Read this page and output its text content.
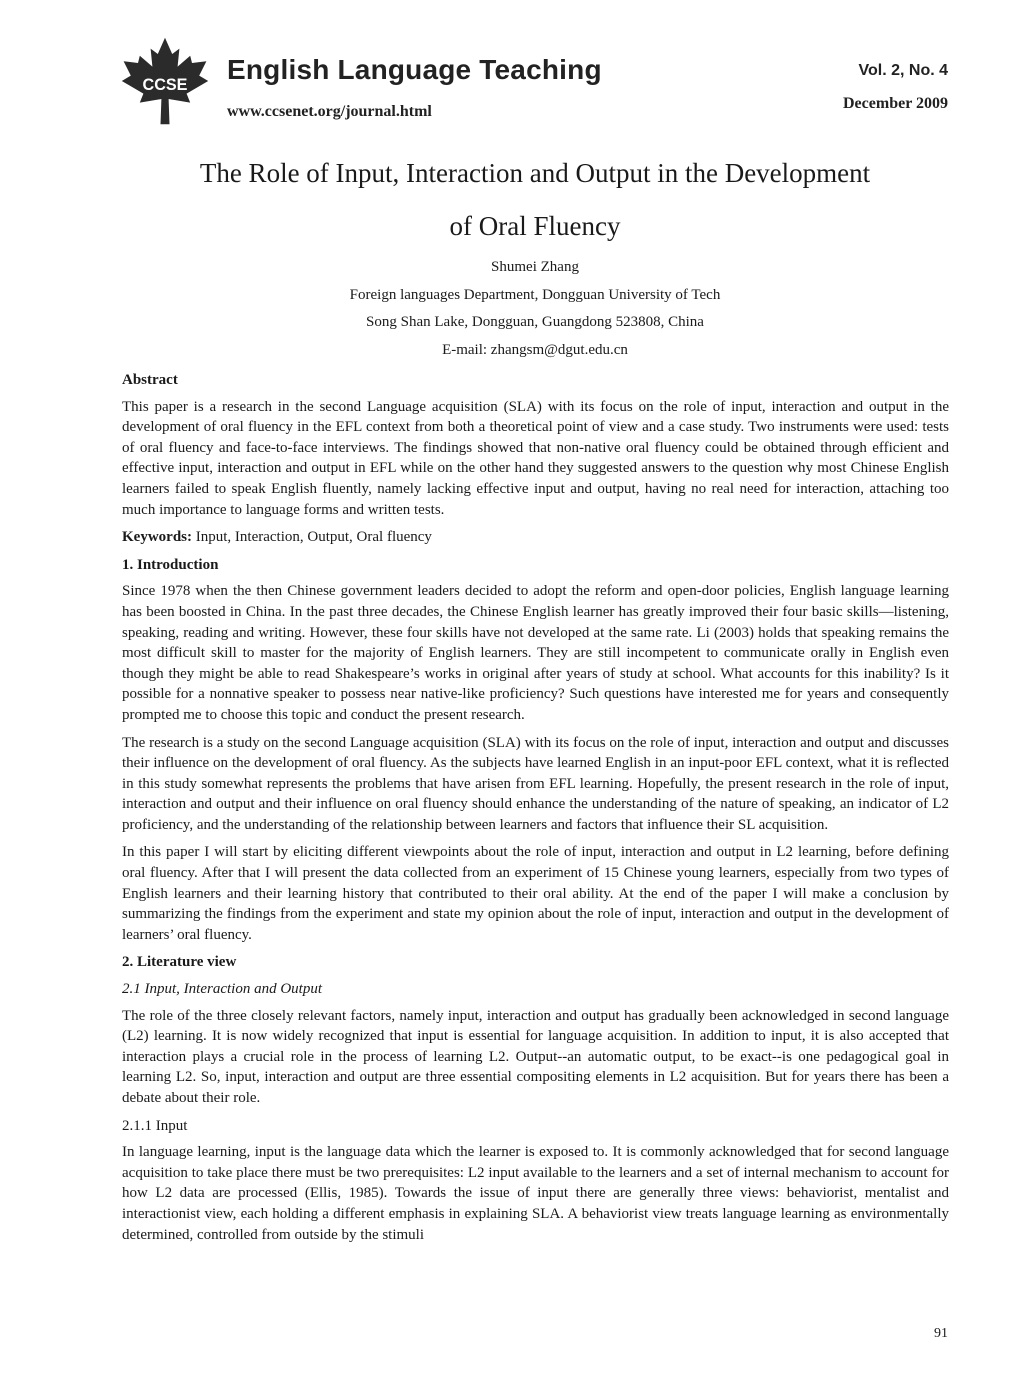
CCSE English Language Teaching
www.ccsenet.org/journal.html
Vol. 2, No. 4
December 2009
The Role of Input, Interaction and Output in the Development
of Oral Fluency
Shumei Zhang
Foreign languages Department, Dongguan University of Tech
Song Shan Lake, Dongguan, Guangdong 523808, China
E-mail: zhangsm@dgut.edu.cn
Abstract

This paper is a research in the second Language acquisition (SLA) with its focus on the role of input, interaction and output in the development of oral fluency in the EFL context from both a theoretical point of view and a case study. Two instruments were used: tests of oral fluency and face-to-face interviews. The findings showed that non-native oral fluency could be obtained through efficient and effective input, interaction and output in EFL while on the other hand they suggested answers to the question why most Chinese English learners failed to speak English fluently, namely lacking effective input and output, having no real need for interaction, attaching too much importance to language forms and written tests.

Keywords: Input, Interaction, Output, Oral fluency

1. Introduction

Since 1978 when the then Chinese government leaders decided to adopt the reform and open-door policies, English language learning has been boosted in China. In the past three decades, the Chinese English learner has greatly improved their four basic skills—listening, speaking, reading and writing. However, these four skills have not developed at the same rate. Li (2003) holds that speaking remains the most difficult skill to master for the majority of English learners. They are still incompetent to communicate orally in English even though they might be able to read Shakespeare’s works in original after years of study at school. What accounts for this inability? Is it possible for a nonnative speaker to possess near native-like proficiency? Such questions have interested me for years and consequently prompted me to choose this topic and conduct the present research.

The research is a study on the second Language acquisition (SLA) with its focus on the role of input, interaction and output and discusses their influence on the development of oral fluency. As the subjects have learned English in an input-poor EFL context, what it is reflected in this study somewhat represents the problems that have arisen from EFL learning. Hopefully, the present research in the role of input, interaction and output and their influence on oral fluency should enhance the understanding of the nature of speaking, an indicator of L2 proficiency, and the understanding of the relationship between learners and factors that influence their SL acquisition.

In this paper I will start by eliciting different viewpoints about the role of input, interaction and output in L2 learning, before defining oral fluency. After that I will present the data collected from an experiment of 15 Chinese young learners, especially from two types of English learners and their learning history that contributed to their oral ability. At the end of the paper I will make a conclusion by summarizing the findings from the experiment and state my opinion about the role of input, interaction and output in the development of learners’ oral fluency.

2. Literature view
2.1 Input, Interaction and Output

The role of the three closely relevant factors, namely input, interaction and output has gradually been acknowledged in second language (L2) learning. It is now widely recognized that input is essential for language acquisition. In addition to input, it is also accepted that interaction plays a crucial role in the process of learning L2. Output--an automatic output, to be exact--is one pedagogical goal in learning L2. So, input, interaction and output are three essential compositing elements in L2 acquisition. But for years there has been a debate about their role.

2.1.1 Input

In language learning, input is the language data which the learner is exposed to. It is commonly acknowledged that for second language acquisition to take place there must be two prerequisites: L2 input available to the learners and a set of internal mechanism to account for how L2 data are processed (Ellis, 1985). Towards the issue of input there are generally three views: behaviorist, mentalist and interactionist view, each holding a different emphasis in explaining SLA. A behaviorist view treats language learning as environmentally determined, controlled from outside by the stimuli

91
